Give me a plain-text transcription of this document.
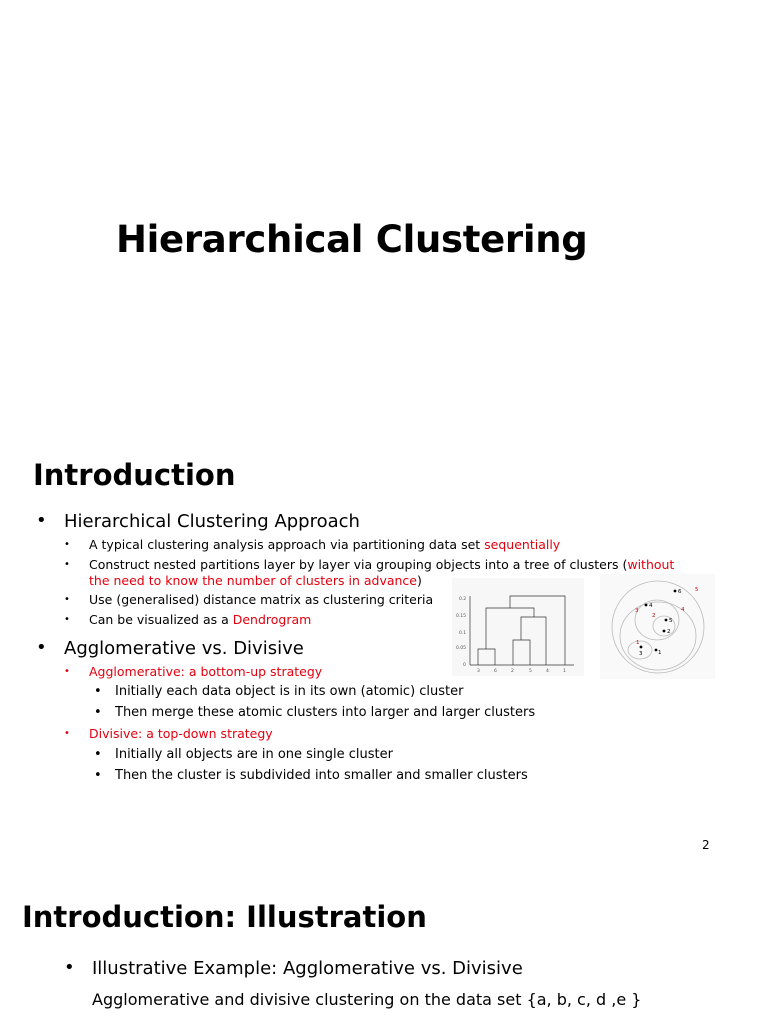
Hierarchical Clustering
Introduction
• Hierarchical Clustering Approach
• A typical clustering analysis approach via partitioning data set sequentially
• Construct nested partitions layer by layer via grouping objects into a tree of clusters (without
the need to know the number of clusters in advance)
• Use (generalised) distance matrix as clustering criteria
• Can be visualized as a Dendrogram
• Agglomerative vs. Divisive
• Agglomerative: a bottom-up strategy
• Initially each data object is in its own (atomic) cluster
• Then merge these atomic clusters into larger and larger clusters
• Divisive: a top-down strategy
• Initially all objects are in one single cluster
• Then the cluster is subdivided into smaller and smaller clusters
0.2
0.15
0.1
0.05
0
3	6	2	5	4	1
6
4
2
5
3	1
5
3
2
4
1
2
Introduction: Illustration
• Illustrative Example: Agglomerative vs. Divisive
Agglomerative and divisive clustering on the data set {a, b, c, d ,e }
